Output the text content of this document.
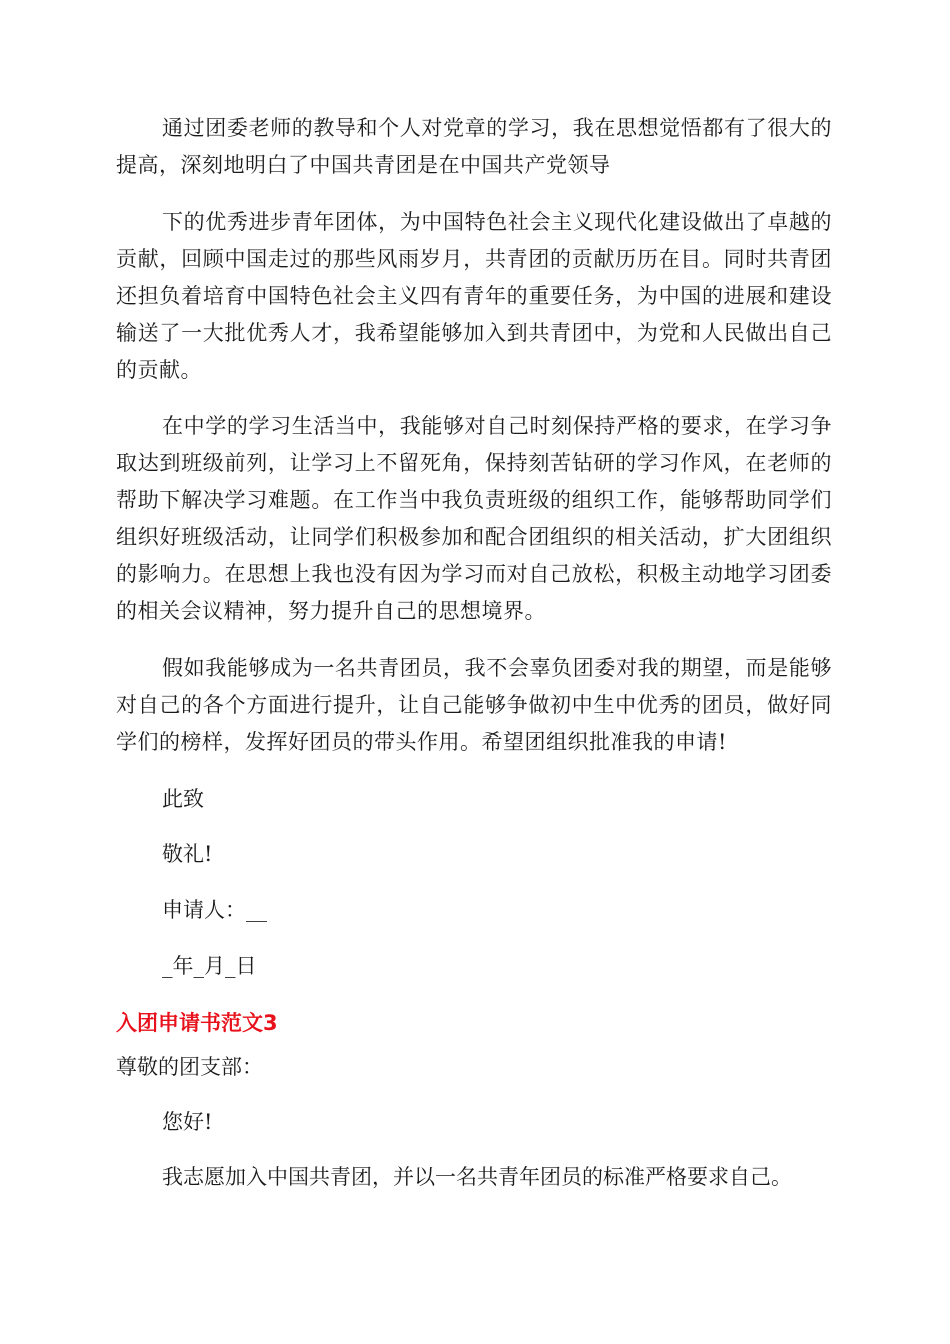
通过团委老师的教导和个人对党章的学习，我在思想觉悟都有了很大的提高，深刻地明白了中国共青团是在中国共产党领导

下的优秀进步青年团体，为中国特色社会主义现代化建设做出了卓越的贡献，回顾中国走过的那些风雨岁月，共青团的贡献历历在目。同时共青团还担负着培育中国特色社会主义四有青年的重要任务，为中国的进展和建设输送了一大批优秀人才，我希望能够加入到共青团中，为党和人民做出自己的贡献。

在中学的学习生活当中，我能够对自己时刻保持严格的要求，在学习争取达到班级前列，让学习上不留死角，保持刻苦钻研的学习作风，在老师的帮助下解决学习难题。在工作当中我负责班级的组织工作，能够帮助同学们组织好班级活动，让同学们积极参加和配合团组织的相关活动，扩大团组织的影响力。在思想上我也没有因为学习而对自己放松，积极主动地学习团委的相关会议精神，努力提升自己的思想境界。

假如我能够成为一名共青团员，我不会辜负团委对我的期望，而是能够对自己的各个方面进行提升，让自己能够争做初中生中优秀的团员，做好同学们的榜样，发挥好团员的带头作用。希望团组织批准我的申请!

此致

敬礼!

申请人：__

_年_月_日

入团申请书范文3

尊敬的团支部：

您好!

我志愿加入中国共青团，并以一名共青年团员的标准严格要求自己。
